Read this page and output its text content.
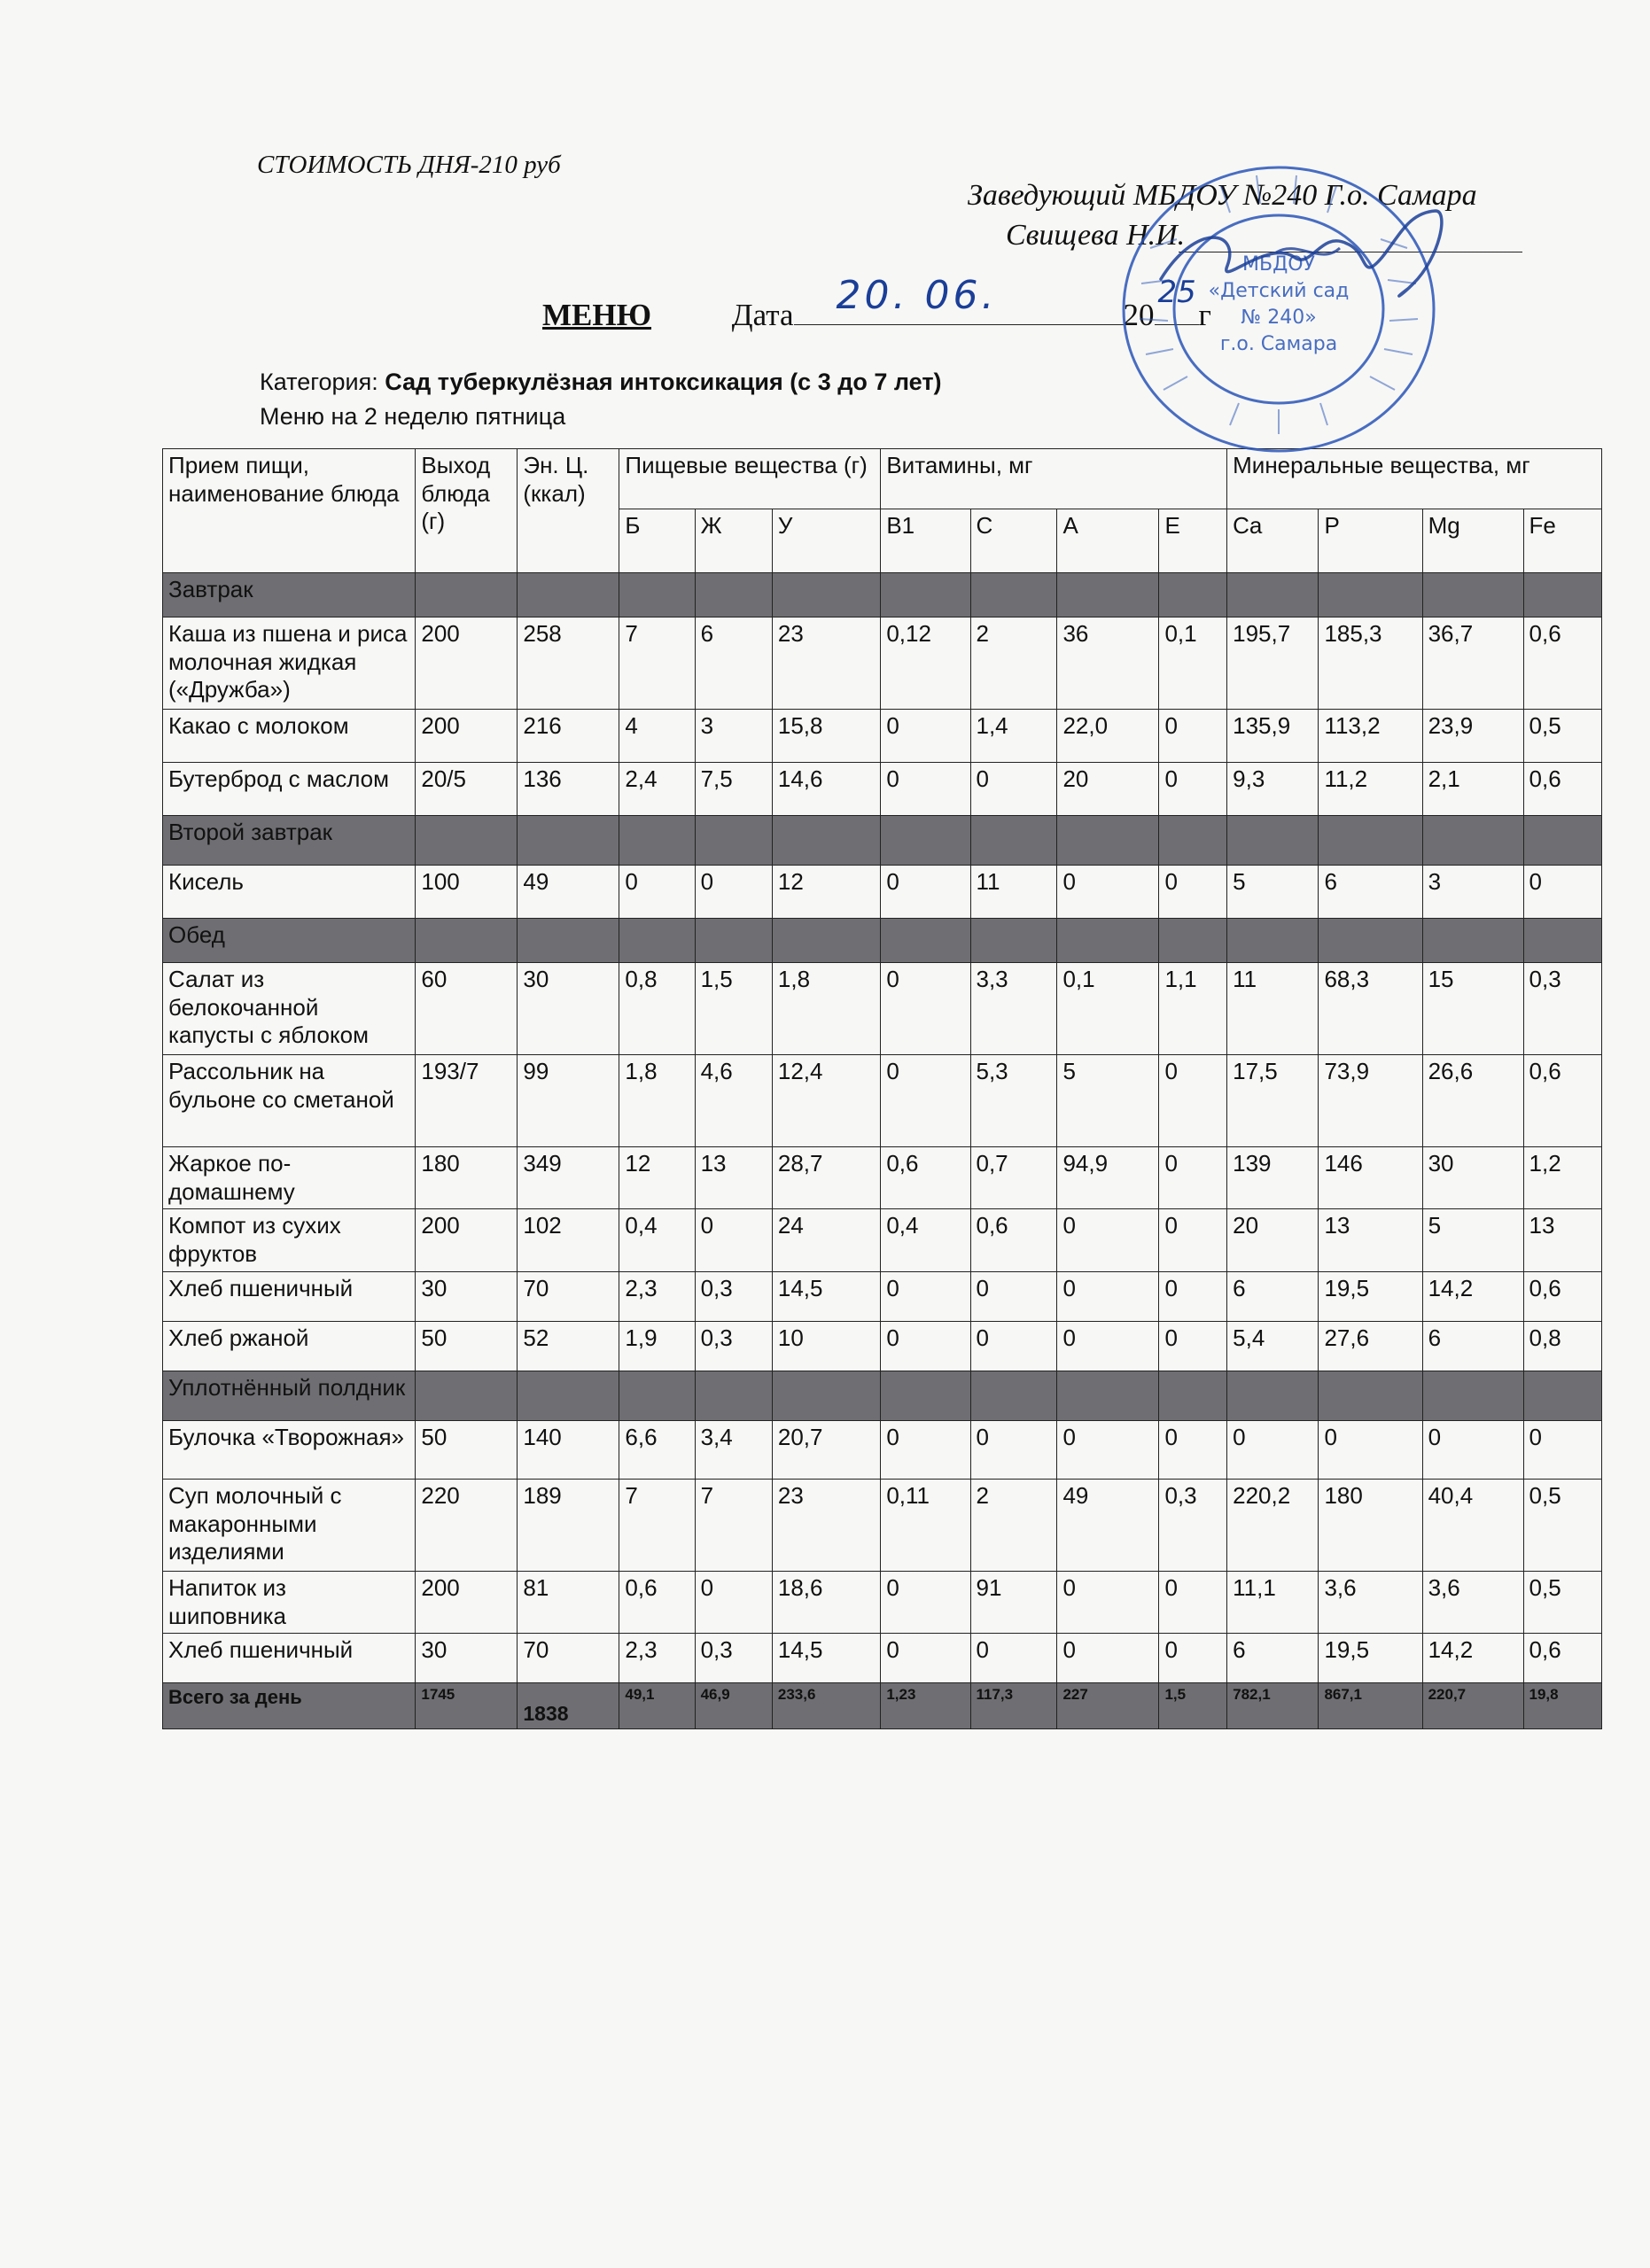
СТОИМОСТЬ ДНЯ-210 руб
Заведующий МБДОУ №240 Г.о. Самара
Свищева Н.И.
МЕНЮ	Дата 20. 06.	20
25
г
Категория: Сад туберкулёзная интоксикация (с 3 до 7 лет)
Меню на 2 неделю пятница
Прием пищи, наименование блюда	Выход блюда (г)	Эн. Ц. (ккал)	Пищевые вещества (г)			Витамины, мг				Минеральные вещества, мг			
			Б	Ж	У	B1	C	A	E	Ca	P	Mg	Fe
Завтрак													
Каша из пшена и риса молочная жидкая («Дружба»)	200	258	7	6	23	0,12	2	36	0,1	195,7	185,3	36,7	0,6
Какао с молоком	200	216	4	3	15,8	0	1,4	22,0	0	135,9	113,2	23,9	0,5
Бутерброд с маслом	20/5	136	2,4	7,5	14,6	0	0	20	0	9,3	11,2	2,1	0,6
Второй завтрак													
Кисель	100	49	0	0	12	0	11	0	0	5	6	3	0
Обед													
Салат из белокочанной капусты с яблоком	60	30	0,8	1,5	1,8	0	3,3	0,1	1,1	11	68,3	15	0,3
Рассольник на бульоне со сметаной	193/7	99	1,8	4,6	12,4	0	5,3	5	0	17,5	73,9	26,6	0,6
Жаркое по-домашнему	180	349	12	13	28,7	0,6	0,7	94,9	0	139	146	30	1,2
Компот из сухих фруктов	200	102	0,4	0	24	0,4	0,6	0	0	20	13	5	13
Хлеб пшеничный	30	70	2,3	0,3	14,5	0	0	0	0	6	19,5	14,2	0,6
Хлеб ржаной	50	52	1,9	0,3	10	0	0	0	0	5,4	27,6	6	0,8
Уплотнённый полдник													
Булочка «Творожная»	50	140	6,6	3,4	20,7	0	0	0	0	0	0	0	0
Суп молочный с макаронными изделиями	220	189	7	7	23	0,11	2	49	0,3	220,2	180	40,4	0,5
Напиток из шиповника	200	81	0,6	0	18,6	0	91	0	0	11,1	3,6	3,6	0,5
Хлеб пшеничный	30	70	2,3	0,3	14,5	0	0	0	0	6	19,5	14,2	0,6
Всего за день	1745	1838	49,1	46,9	233,6	1,23	117,3	227	1,5	782,1	867,1	220,7	19,8
МБДОУ
«Детский сад
№ 240»
г.о. Самара
